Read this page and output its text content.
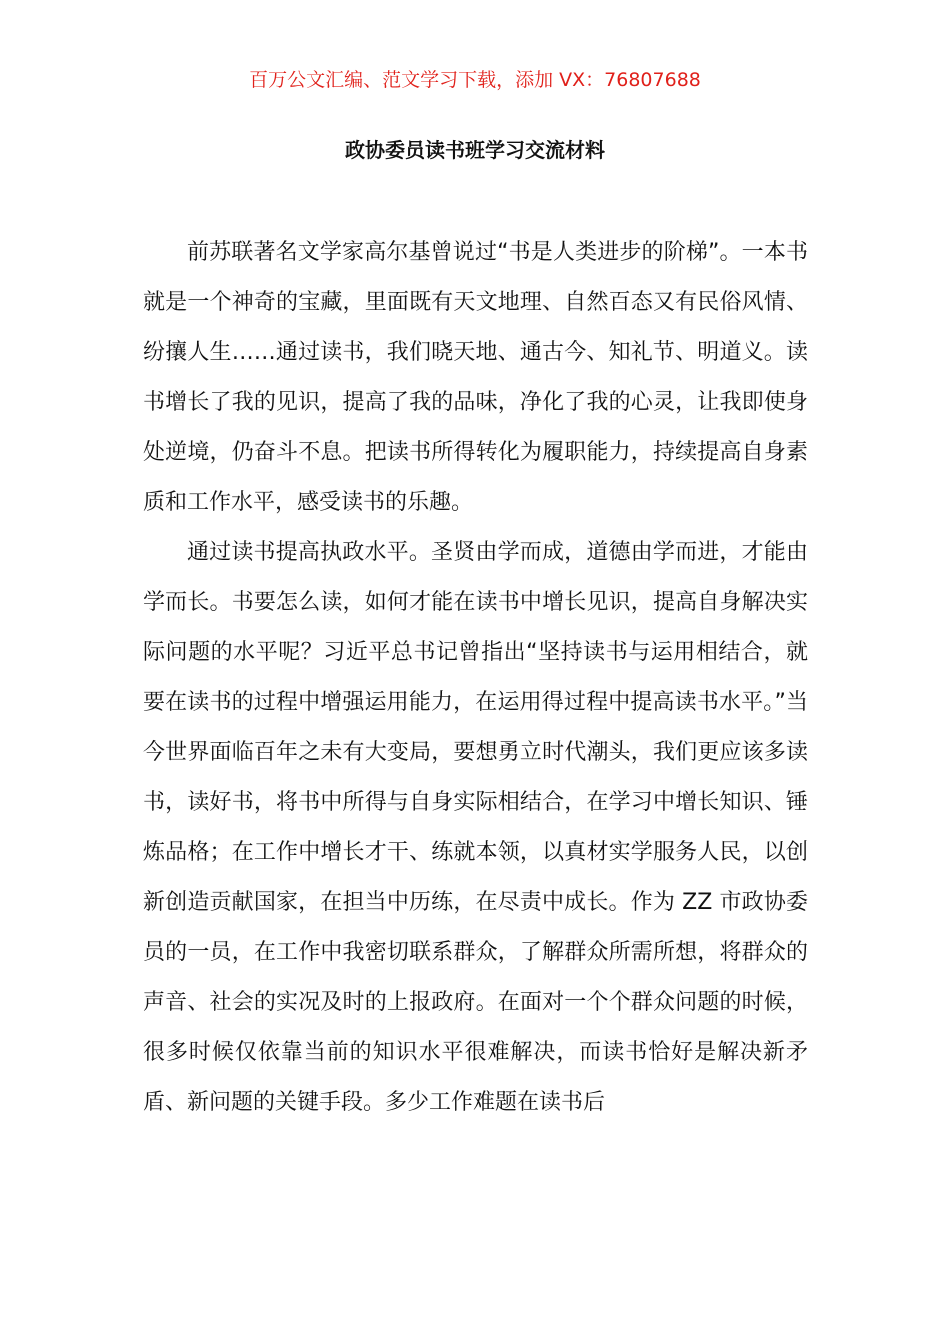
百万公文汇编、范文学习下载，添加 VX：76807688
政协委员读书班学习交流材料

前苏联著名文学家高尔基曾说过“书是人类进步的阶梯”。一本书就是一个神奇的宝藏，里面既有天文地理、自然百态又有民俗风情、纷攘人生……通过读书，我们晓天地、通古今、知礼节、明道义。读书增长了我的见识，提高了我的品味，净化了我的心灵，让我即使身处逆境，仍奋斗不息。把读书所得转化为履职能力，持续提高自身素质和工作水平，感受读书的乐趣。

通过读书提高执政水平。圣贤由学而成，道德由学而进，才能由学而长。书要怎么读，如何才能在读书中增长见识，提高自身解决实际问题的水平呢？习近平总书记曾指出“坚持读书与运用相结合，就要在读书的过程中增强运用能力，在运用得过程中提高读书水平。”当今世界面临百年之未有大变局，要想勇立时代潮头，我们更应该多读书，读好书，将书中所得与自身实际相结合，在学习中增长知识、锤炼品格；在工作中增长才干、练就本领，以真材实学服务人民，以创新创造贡献国家，在担当中历练，在尽责中成长。作为 ZZ 市政协委员的一员，在工作中我密切联系群众，了解群众所需所想，将群众的声音、社会的实况及时的上报政府。在面对一个个群众问题的时候，很多时候仅依靠当前的知识水平很难解决，而读书恰好是解决新矛盾、新问题的关键手段。多少工作难题在读书后
